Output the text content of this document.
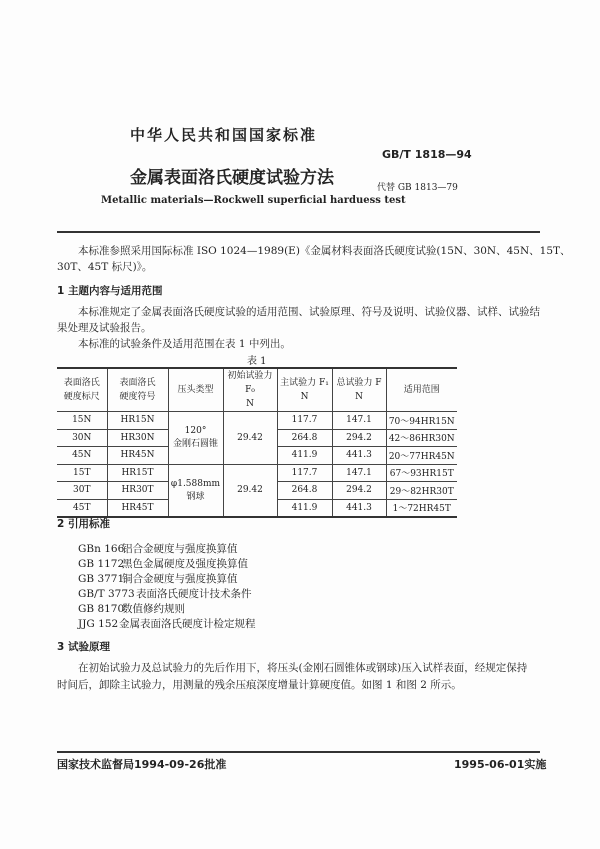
中华人民共和国国家标准
GB/T 1818—94
金属表面洛氏硬度试验方法	代替 GB 1813—79
Metallic materials—Rockwell superficial harduess test
本标准参照采用国际标准 ISO 1024—1989(E)《金属材料表面洛氏硬度试验(15N、30N、45N、15T、
30T、45T 标尺)》。
1 主题内容与适用范围
本标准规定了金属表面洛氏硬度试验的适用范围、试验原理、符号及说明、试验仪器、试样、试验结
果处理及试验报告。
本标准的试验条件及适用范围在表 1 中列出。
表 1
表面洛氏
硬度标尺	表面洛氏
硬度符号	压头类型	初始试验力 F₀
N	主试验力 F₁
N	总试验力 F
N	适用范围
15N	HR15N	120°
金刚石圆锥	29.42	117.7	147.1	70～94HR15N
30N	HR30N			264.8	294.2	42～86HR30N
45N	HR45N			411.9	441.3	20～77HR45N
15T	HR15T	φ1.588mm
钢球	29.42	117.7	147.1	67～93HR15T
30T	HR30T			264.8	294.2	29～82HR30T
45T	HR45T			411.9	441.3	1～72HR45T
2 引用标准
GBn 166铝合金硬度与强度换算值
GB 1172黑色金属硬度及强度换算值
GB 3771铜合金硬度与强度换算值
GB/T 3773表面洛氏硬度计技术条件
GB 8170数值修约规则
JJG 152金属表面洛氏硬度计检定规程
3 试验原理
在初始试验力及总试验力的先后作用下，将压头(金刚石圆锥体或钢球)压入试样表面，经规定保持
时间后，卸除主试验力，用测量的残余压痕深度增量计算硬度值。如图 1 和图 2 所示。
国家技术监督局1994-09-26批准	1995-06-01实施
